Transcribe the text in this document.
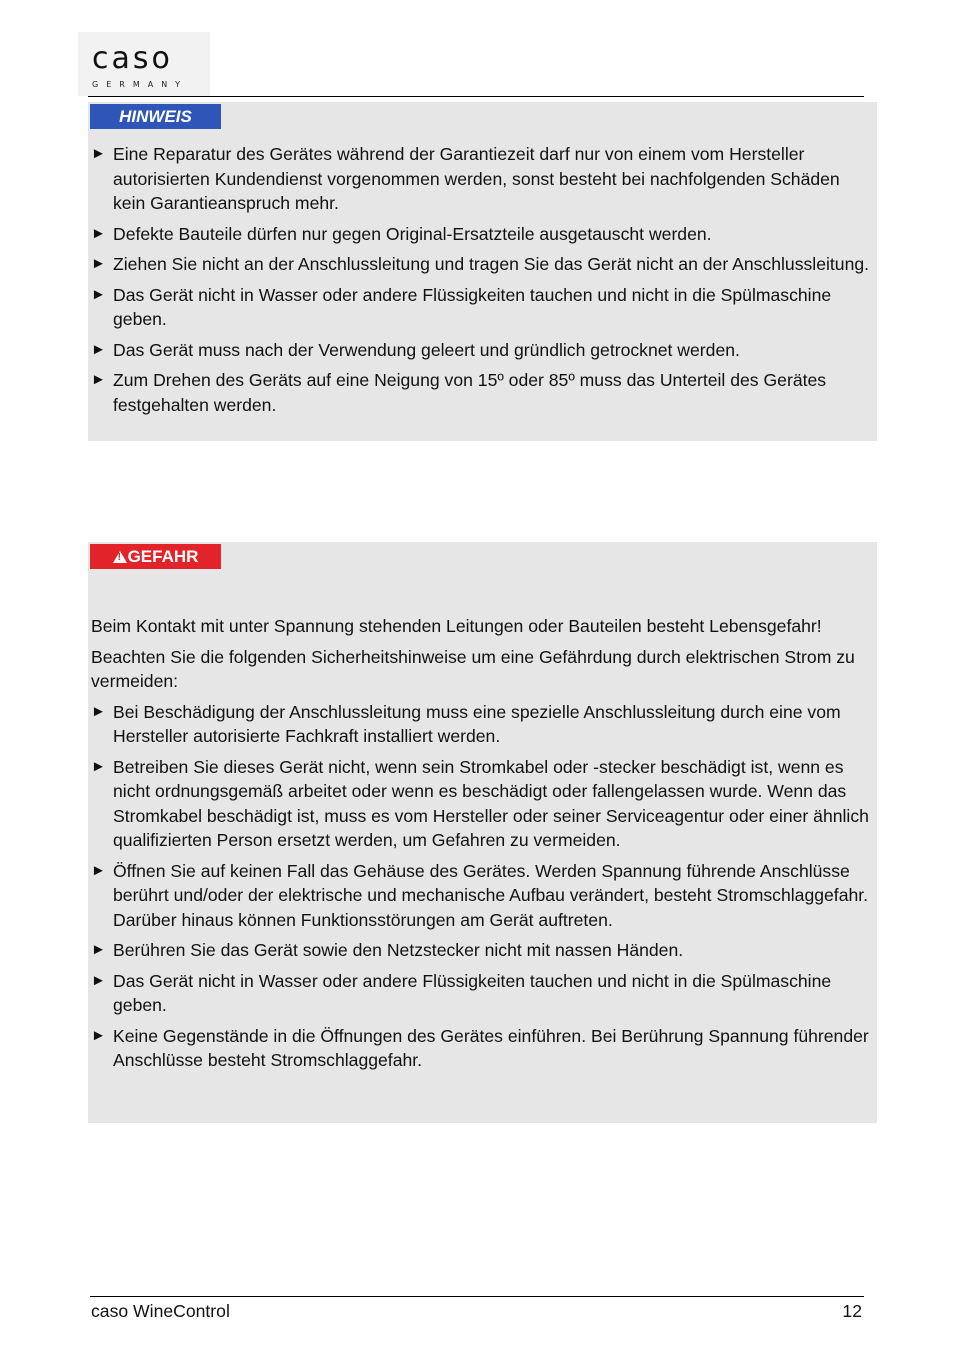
caso
GERMANY
HINWEIS
► Eine Reparatur des Gerätes während der Garantiezeit darf nur von einem vom Hersteller autorisierten Kundendienst vorgenommen werden, sonst besteht bei nachfolgenden Schäden kein Garantieanspruch mehr.
► Defekte Bauteile dürfen nur gegen Original-Ersatzteile ausgetauscht werden.
► Ziehen Sie nicht an der Anschlussleitung und tragen Sie das Gerät nicht an der Anschlussleitung.
► Das Gerät nicht in Wasser oder andere Flüssigkeiten tauchen und nicht in die Spülmaschine geben.
► Das Gerät muss nach der Verwendung geleert und gründlich getrocknet werden.
► Zum Drehen des Geräts auf eine Neigung von 15º oder 85º muss das Unterteil des Gerätes festgehalten werden.
!GEFAHR

Beim Kontakt mit unter Spannung stehenden Leitungen oder Bauteilen besteht Lebensgefahr!

Beachten Sie die folgenden Sicherheitshinweise um eine Gefährdung durch elektrischen Strom zu vermeiden:

► Bei Beschädigung der Anschlussleitung muss eine spezielle Anschlussleitung durch eine vom Hersteller autorisierte Fachkraft installiert werden.
► Betreiben Sie dieses Gerät nicht, wenn sein Stromkabel oder -stecker beschädigt ist, wenn es nicht ordnungsgemäß arbeitet oder wenn es beschädigt oder fallengelassen wurde. Wenn das Stromkabel beschädigt ist, muss es vom Hersteller oder seiner Serviceagentur oder einer ähnlich qualifizierten Person ersetzt werden, um Gefahren zu vermeiden.
► Öffnen Sie auf keinen Fall das Gehäuse des Gerätes. Werden Spannung führende Anschlüsse berührt und/oder der elektrische und mechanische Aufbau verändert, besteht Stromschlaggefahr. Darüber hinaus können Funktionsstörungen am Gerät auftreten.
► Berühren Sie das Gerät sowie den Netzstecker nicht mit nassen Händen.
► Das Gerät nicht in Wasser oder andere Flüssigkeiten tauchen und nicht in die Spülmaschine geben.
► Keine Gegenstände in die Öffnungen des Gerätes einführen. Bei Berührung Spannung führender Anschlüsse besteht Stromschlaggefahr.
caso WineControl	12
